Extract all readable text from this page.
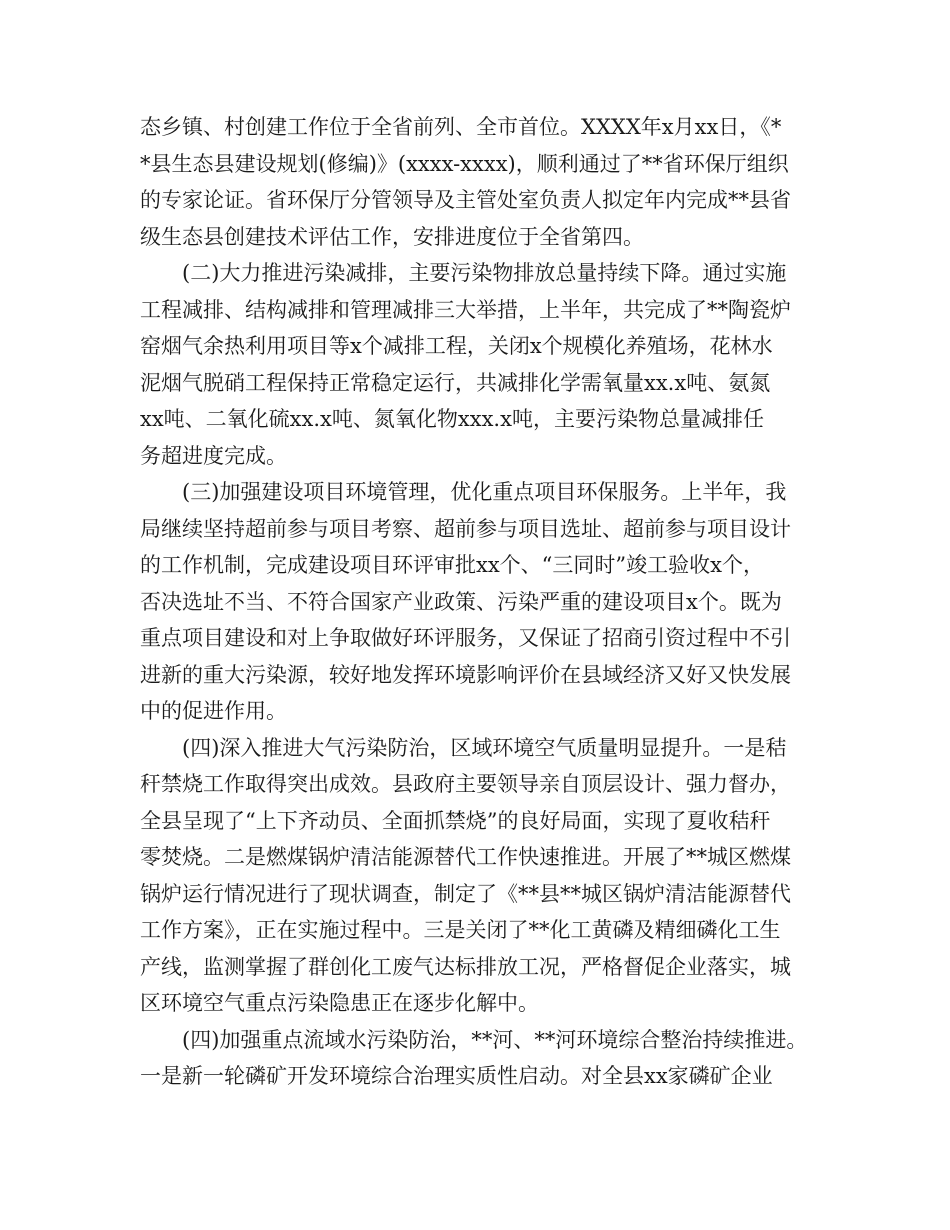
态乡镇、村创建工作位于全省前列、全市首位。XXXX年x月xx日，《*
*县生态县建设规划(修编)》(xxxx-xxxx)，顺利通过了**省环保厅组织
的专家论证。省环保厅分管领导及主管处室负责人拟定年内完成**县省
级生态县创建技术评估工作，安排进度位于全省第四。
(二)大力推进污染减排，主要污染物排放总量持续下降。通过实施
工程减排、结构减排和管理减排三大举措，上半年，共完成了**陶瓷炉
窑烟气余热利用项目等x个减排工程，关闭x个规模化养殖场，花林水
泥烟气脱硝工程保持正常稳定运行，共减排化学需氧量xx.x吨、氨氮
xx吨、二氧化硫xx.x吨、氮氧化物xxx.x吨，主要污染物总量减排任
务超进度完成。
(三)加强建设项目环境管理，优化重点项目环保服务。上半年，我
局继续坚持超前参与项目考察、超前参与项目选址、超前参与项目设计
的工作机制，完成建设项目环评审批xx个、“三同时”竣工验收x个，
否决选址不当、不符合国家产业政策、污染严重的建设项目x个。既为
重点项目建设和对上争取做好环评服务，又保证了招商引资过程中不引
进新的重大污染源，较好地发挥环境影响评价在县域经济又好又快发展
中的促进作用。
(四)深入推进大气污染防治，区域环境空气质量明显提升。一是秸
秆禁烧工作取得突出成效。县政府主要领导亲自顶层设计、强力督办，
全县呈现了“上下齐动员、全面抓禁烧”的良好局面，实现了夏收秸秆
零焚烧。二是燃煤锅炉清洁能源替代工作快速推进。开展了**城区燃煤
锅炉运行情况进行了现状调查，制定了《**县**城区锅炉清洁能源替代
工作方案》，正在实施过程中。三是关闭了**化工黄磷及精细磷化工生
产线，监测掌握了群创化工废气达标排放工况，严格督促企业落实，城
区环境空气重点污染隐患正在逐步化解中。
(四)加强重点流域水污染防治，**河、**河环境综合整治持续推进。
一是新一轮磷矿开发环境综合治理实质性启动。对全县xx家磷矿企业
